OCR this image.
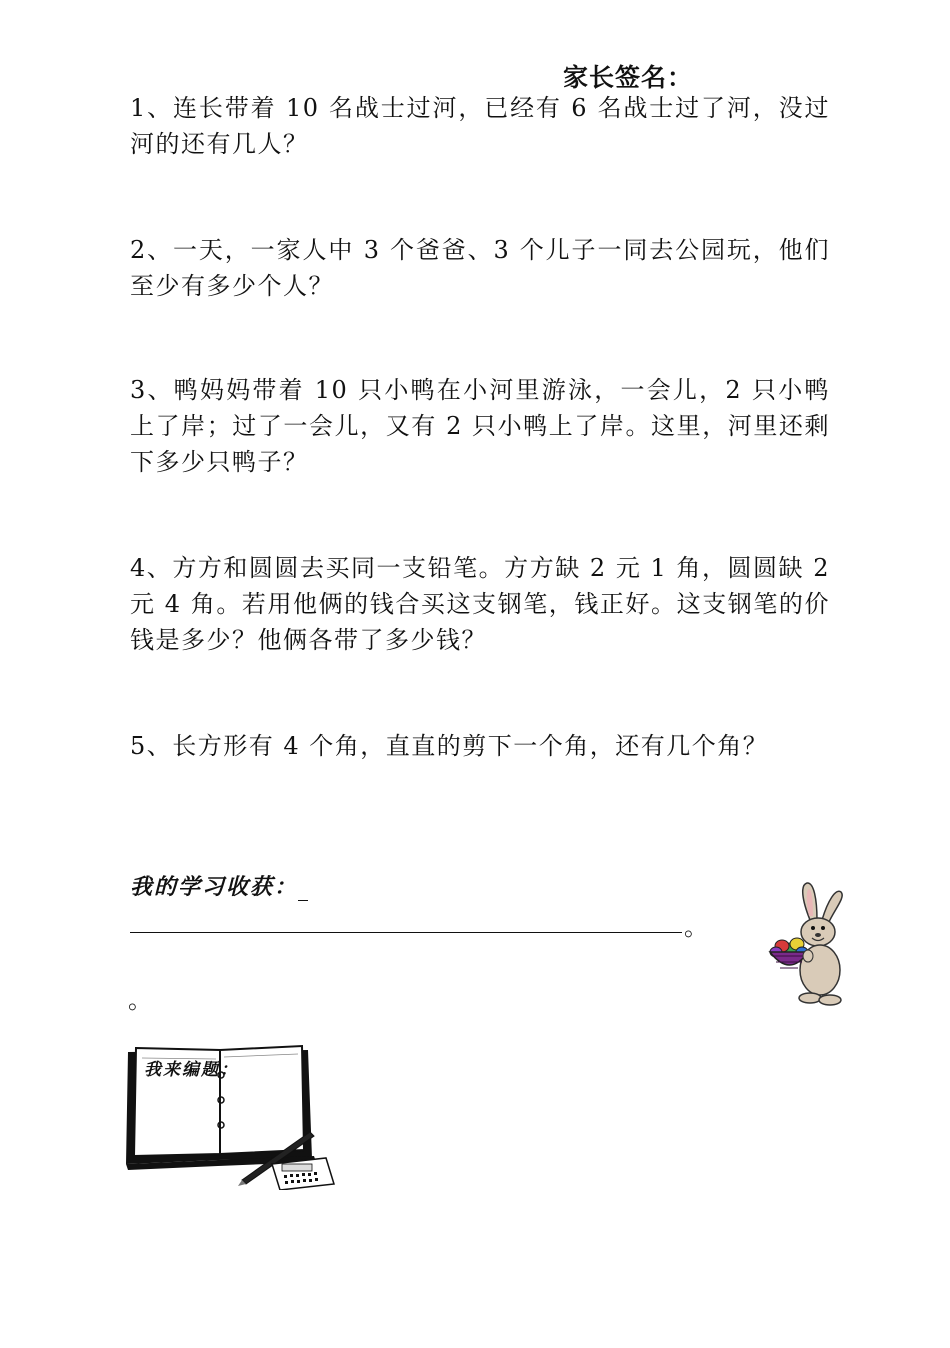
家长签名：
1、连长带着 10 名战士过河，已经有 6 名战士过了河，没过河的还有几人？
2、一天，一家人中 3 个爸爸、3 个儿子一同去公园玩，他们至少有多少个人？
3、鸭妈妈带着 10 只小鸭在小河里游泳，一会儿，2 只小鸭上了岸；过了一会儿，又有 2 只小鸭上了岸。这里，河里还剩下多少只鸭子？
4、方方和圆圆去买同一支铅笔。方方缺 2 元 1 角，圆圆缺 2 元 4 角。若用他俩的钱合买这支钢笔，钱正好。这支钢笔的价钱是多少？他俩各带了多少钱？
5、长方形有 4 个角，直直的剪下一个角，还有几个角？
我的学习收获：
。
。
我来编题：
